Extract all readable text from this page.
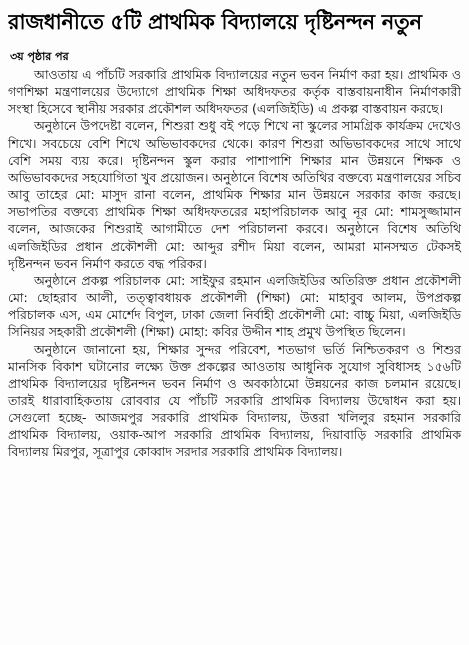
রাজধানীতে ৫টি প্রাথমিক বিদ্যালয়ে দৃষ্টিনন্দন নতুন
৩য় পৃষ্ঠার পর

আওতায় এ পাঁচটি সরকারি প্রাথমিক বিদ্যালয়ের নতুন ভবন নির্মাণ করা হয়। প্রাথমিক ও গণশিক্ষা মন্ত্রণালয়ের উদ্যোগে প্রাথমিক শিক্ষা অধিদফতর কর্তৃক বাস্তবায়নাধীন নির্মাণকারী সংস্থা হিসেবে স্থানীয় সরকার প্রকৌশল অধিদফতর (এলজিইডি) এ প্রকল্প বাস্তবায়ন করছে।

অনুষ্ঠানে উপদেষ্টা বলেন, শিশুরা শুধু বই পড়ে শিখে না স্কুলের সামগ্রিক কার্যক্রম দেখেও শিখে। সবচেয়ে বেশি শিখে অভিভাবকদের থেকে। কারণ শিশুরা অভিভাবকদের সাথে সাথে বেশি সময় ব্যয় করে। দৃষ্টিনন্দন স্কুল করার পাশাপাশি শিক্ষার মান উন্নয়নে শিক্ষক ও অভিভাবকদের সহযোগিতা খুব প্রয়োজন। অনুষ্ঠানে বিশেষ অতিথির বক্তব্যে মন্ত্রণালয়ের সচিব আবু তাহের মো: মাসুদ রানা বলেন, প্রাথমিক শিক্ষার মান উন্নয়নে সরকার কাজ করছে। সভাপতির বক্তব্যে প্রাথমিক শিক্ষা অধিদফতরের মহাপরিচালক আবু নূর মো: শামসুজ্জামান বলেন, আজকের শিশুরাই আগামীতে দেশ পরিচালনা করবে। অনুষ্ঠানে বিশেষ অতিথি এলজিইডির প্রধান প্রকৌশলী মো: আব্দুর রশীদ মিয়া বলেন, আমরা মানসম্মত টেকসই দৃষ্টিনন্দন ভবন নির্মাণ করতে বদ্ধ পরিকর।

অনুষ্ঠানে প্রকল্প পরিচালক মো: সাইফুর রহমান এলজিইডির অতিরিক্ত প্রধান প্রকৌশলী মো: ছোহরাব আলী, তত্ত্বাবধায়ক প্রকৌশলী (শিক্ষা) মো: মাহাবুব আলম, উপপ্রকল্প পরিচালক এস, এম মোর্শেদ বিপুল, ঢাকা জেলা নির্বাহী প্রকৌশলী মো: বাচ্চু মিয়া, এলজিইডি সিনিয়র সহকারী প্রকৌশলী (শিক্ষা) মোহা: কবির উদ্দীন শাহ প্রমুখ উপস্থিত ছিলেন।

অনুষ্ঠানে জানানো হয়, শিক্ষার সুন্দর পরিবেশ, শতভাগ ভর্তি নিশ্চিতকরণ ও শিশুর মানসিক বিকাশ ঘটানোর লক্ষ্যে উক্ত প্রকল্পের আওতায় আধুনিক সুযোগ সুবিধাসহ ১৫৬টি প্রাথমিক বিদ্যালয়ের দৃষ্টিনন্দন ভবন নির্মাণ ও অবকাঠামো উন্নয়নের কাজ চলমান রয়েছে। তারই ধারাবাহিকতায় রোববার যে পাঁচটি সরকারি প্রাথমিক বিদ্যালয় উদ্বোধন করা হয়। সেগুলো হচ্ছে- আজমপুর সরকারি প্রাথমিক বিদ্যালয়, উত্তরা খলিলুর রহমান সরকারি প্রাথমিক বিদ্যালয়, ওয়াক-আপ সরকারি প্রাথমিক বিদ্যালয়, দিয়াবাড়ি সরকারি প্রাথমিক বিদ্যালয় মিরপুর, সূত্রাপুর কোব্বাদ সরদার সরকারি প্রাথমিক বিদ্যালয়।
